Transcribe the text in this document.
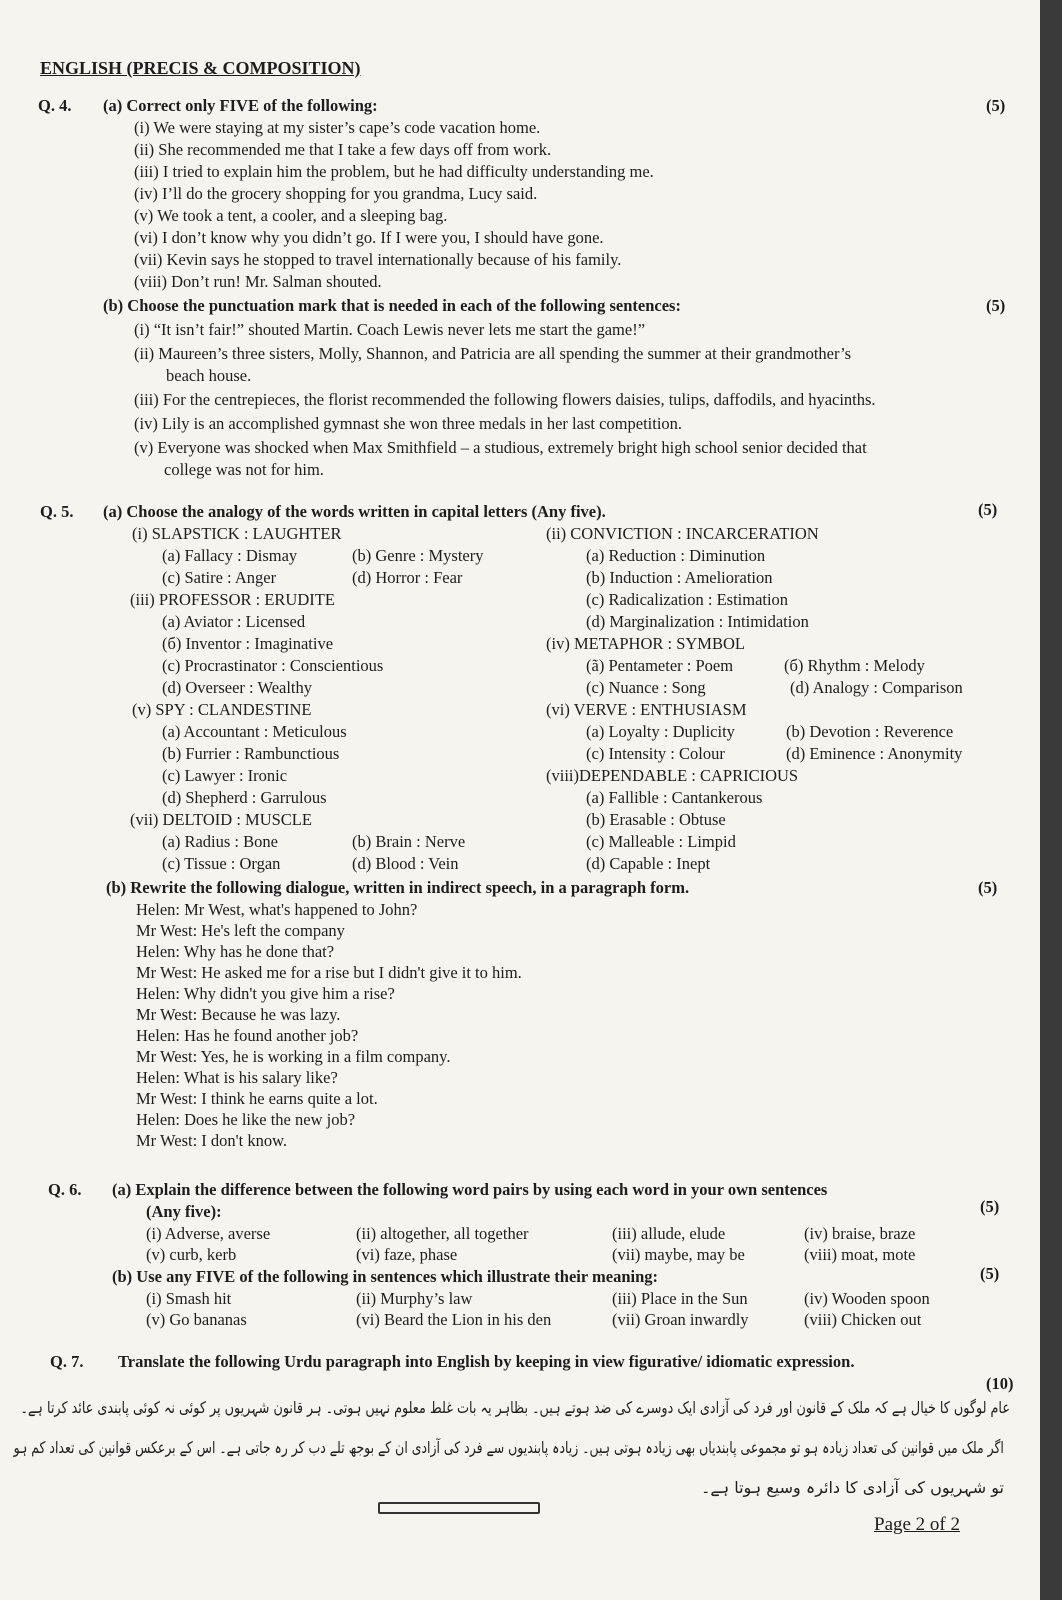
ENGLISH (PRECIS & COMPOSITION)
Q. 4. (a) Correct only FIVE of the following:	(5)
(i) We were staying at my sister’s cape’s code vacation home.
(ii) She recommended me that I take a few days off from work.
(iii) I tried to explain him the problem, but he had difficulty understanding me.
(iv) I’ll do the grocery shopping for you grandma, Lucy said.
(v) We took a tent, a cooler, and a sleeping bag.
(vi) I don’t know why you didn’t go. If I were you, I should have gone.
(vii) Kevin says he stopped to travel internationally because of his family.
(viii) Don’t run! Mr. Salman shouted.
(b) Choose the punctuation mark that is needed in each of the following sentences:	(5)
(i) “It isn’t fair!” shouted Martin. Coach Lewis never lets me start the game!”
(ii) Maureen’s three sisters, Molly, Shannon, and Patricia are all spending the summer at their grandmother’s
beach house.
(iii) For the centrepieces, the florist recommended the following flowers daisies, tulips, daffodils, and hyacinths.
(iv) Lily is an accomplished gymnast she won three medals in her last competition.
(v) Everyone was shocked when Max Smithfield – a studious, extremely bright high school senior decided that
college was not for him.
Q. 5. (a) Choose the analogy of the words written in capital letters (Any five).	(5)
(i) SLAPSTICK : LAUGHTER
(a) Fallacy : Dismay	(b) Genre : Mystery
(c) Satire : Anger	(d) Horror : Fear
(iii) PROFESSOR : ERUDITE
(a) Aviator : Licensed
(б) Inventor : Imaginative
(c) Procrastinator : Conscientious
(d) Overseer : Wealthy
(v) SPY : CLANDESTINE
(a) Accountant : Meticulous
(b) Furrier : Rambunctious
(c) Lawyer : Ironic
(d) Shepherd : Garrulous
(vii) DELTOID : MUSCLE
(a) Radius : Bone	(b) Brain : Nerve
(c) Tissue : Organ	(d) Blood : Vein
(ii) CONVICTION : INCARCERATION
(a) Reduction : Diminution
(b) Induction : Amelioration
(c) Radicalization : Estimation
(d) Marginalization : Intimidation
(iv) METAPHOR : SYMBOL
(ã) Pentameter : Poem	(б) Rhythm : Melody
(c) Nuance : Song	(d) Analogy : Comparison
(vi) VERVE : ENTHUSIASM
(a) Loyalty : Duplicity	(b) Devotion : Reverence
(c) Intensity : Colour	(d) Eminence : Anonymity
(viii)DEPENDABLE : CAPRICIOUS
(a) Fallible : Cantankerous
(b) Erasable : Obtuse
(c) Malleable : Limpid
(d) Capable : Inept
(b) Rewrite the following dialogue, written in indirect speech, in a paragraph form.	(5)
Helen: Mr West, what's happened to John?
Mr West: He's left the company
Helen: Why has he done that?
Mr West: He asked me for a rise but I didn't give it to him.
Helen: Why didn't you give him a rise?
Mr West: Because he was lazy.
Helen: Has he found another job?
Mr West: Yes, he is working in a film company.
Helen: What is his salary like?
Mr West: I think he earns quite a lot.
Helen: Does he like the new job?
Mr West: I don't know.
Q. 6. (a) Explain the difference between the following word pairs by using each word in your own sentences
(Any five):	(5)
(i) Adverse, averse	(ii) altogether, all together	(iii) allude, elude	(iv) braise, braze
(v) curb, kerb	(vi) faze, phase	(vii) maybe, may be	(viii) moat, mote
(b) Use any FIVE of the following in sentences which illustrate their meaning:	(5)
(i) Smash hit	(ii) Murphy’s law	(iii) Place in the Sun	(iv) Wooden spoon
(v) Go bananas	(vi) Beard the Lion in his den	(vii) Groan inwardly	(viii) Chicken out
Q. 7. Translate the following Urdu paragraph into English by keeping in view figurative/ idiomatic expression.
(10)
عام لوگوں کا خیال ہے کہ ملک کے قانون اور فرد کی آزادی ایک دوسرے کی ضد ہوتے ہیں۔ بظاہر یہ بات غلط معلوم نہیں ہوتی۔ ہر قانون شہریوں پر کوئی نہ کوئی پابندی عائد کرتا ہے۔
اگر ملک میں قوانین کی تعداد زیادہ ہو تو مجموعی پابندیاں بھی زیادہ ہوتی ہیں۔ زیادہ پابندیوں سے فرد کی آزادی ان کے بوجھ تلے دب کر رہ جاتی ہے۔ اس کے برعکس قوانین کی تعداد کم ہو
تو شہریوں کی آزادی کا دائرہ وسیع ہوتا ہے۔
Page 2 of 2
